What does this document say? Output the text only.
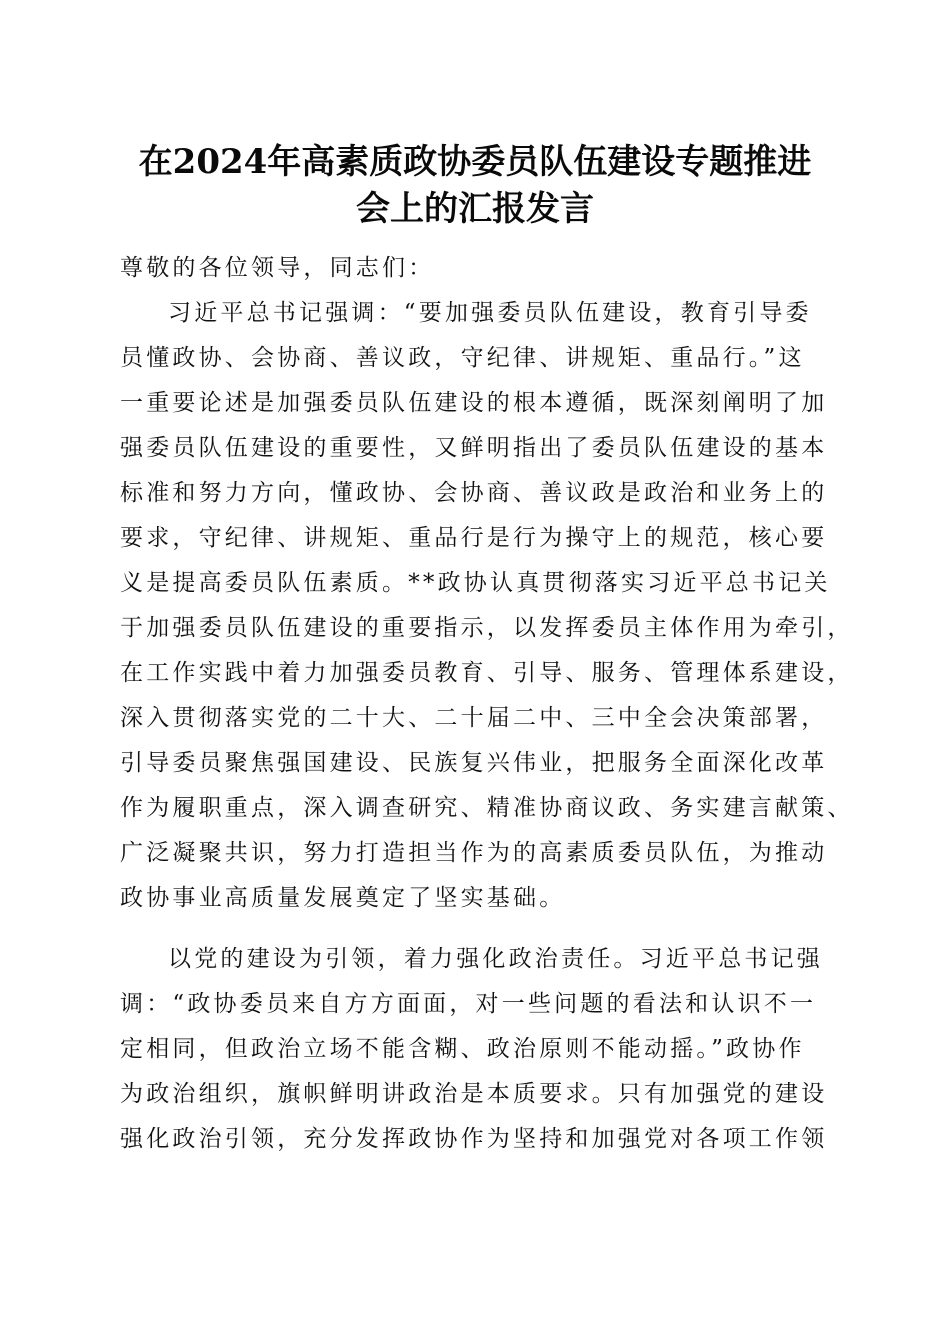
在2024年高素质政协委员队伍建设专题推进
会上的汇报发言
尊敬的各位领导，同志们：
习近平总书记强调：“要加强委员队伍建设，教育引导委
员懂政协、会协商、善议政，守纪律、讲规矩、重品行。”这
一重要论述是加强委员队伍建设的根本遵循，既深刻阐明了加
强委员队伍建设的重要性，又鲜明指出了委员队伍建设的基本
标准和努力方向，懂政协、会协商、善议政是政治和业务上的
要求，守纪律、讲规矩、重品行是行为操守上的规范，核心要
义是提高委员队伍素质。**政协认真贯彻落实习近平总书记关
于加强委员队伍建设的重要指示，以发挥委员主体作用为牵引，
在工作实践中着力加强委员教育、引导、服务、管理体系建设，
深入贯彻落实党的二十大、二十届二中、三中全会决策部署，
引导委员聚焦强国建设、民族复兴伟业，把服务全面深化改革
作为履职重点，深入调查研究、精准协商议政、务实建言献策、
广泛凝聚共识，努力打造担当作为的高素质委员队伍，为推动
政协事业高质量发展奠定了坚实基础。
以党的建设为引领，着力强化政治责任。习近平总书记强
调：“政协委员来自方方面面，对一些问题的看法和认识不一
定相同，但政治立场不能含糊、政治原则不能动摇。”政协作
为政治组织，旗帜鲜明讲政治是本质要求。只有加强党的建设
强化政治引领，充分发挥政协作为坚持和加强党对各项工作领
